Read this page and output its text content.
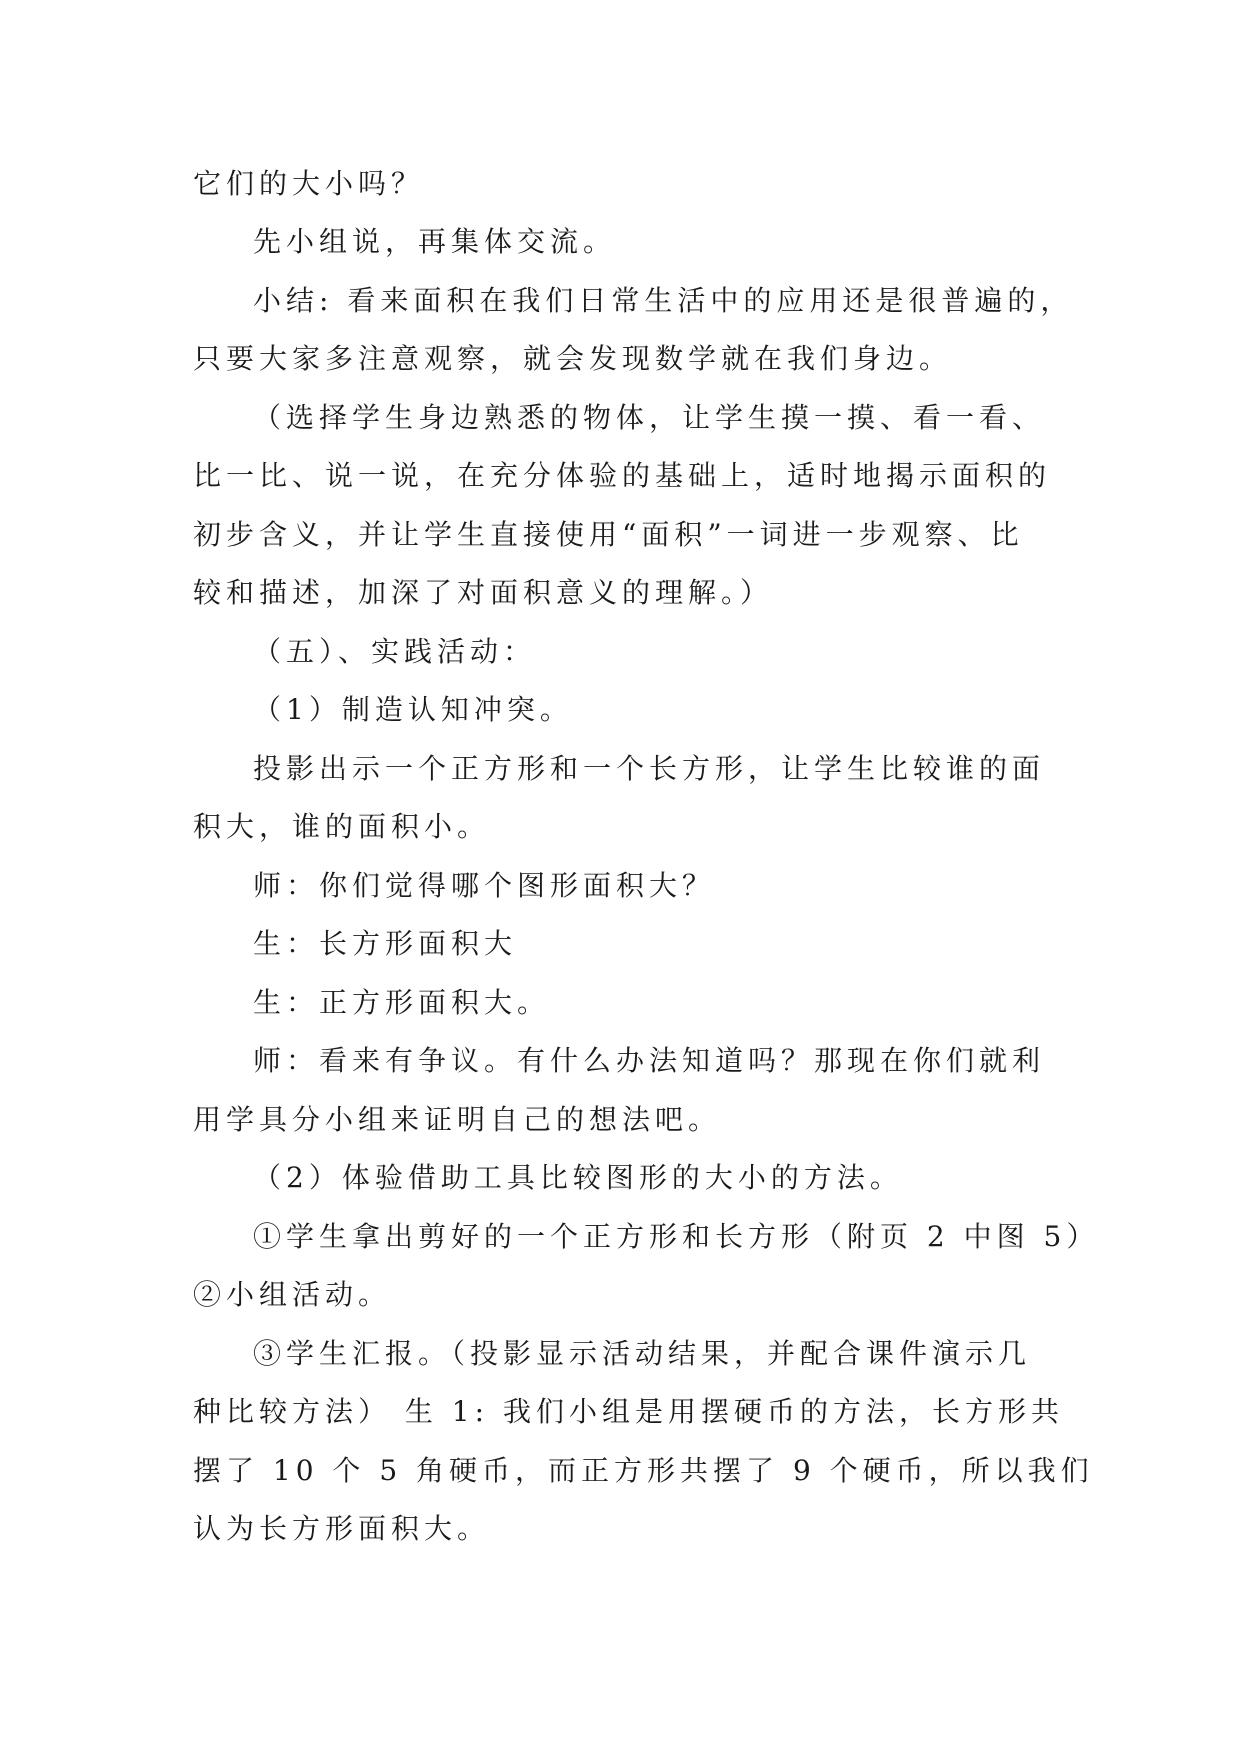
它们的大小吗？

先小组说，再集体交流。

小结: 看来面积在我们日常生活中的应用还是很普遍的，

只要大家多注意观察，就会发现数学就在我们身边。

（选择学生身边熟悉的物体，让学生摸一摸、看一看、

比一比、说一说，在充分体验的基础上，适时地揭示面积的

初步含义，并让学生直接使用“面积”一词进一步观察、比

较和描述，加深了对面积意义的理解。）

（五）、实践活动：

（1）制造认知冲突。

投影出示一个正方形和一个长方形，让学生比较谁的面

积大，谁的面积小。

师：你们觉得哪个图形面积大？

生：长方形面积大

生：正方形面积大。

师：看来有争议。有什么办法知道吗？那现在你们就利

用学具分小组来证明自己的想法吧。

（2）体验借助工具比较图形的大小的方法。

①学生拿出剪好的一个正方形和长方形（附页 2 中图 5）

②小组活动。

③学生汇报。（投影显示活动结果，并配合课件演示几

种比较方法） 生 1: 我们小组是用摆硬币的方法，长方形共

摆了 10 个 5 角硬币，而正方形共摆了 9 个硬币，所以我们

认为长方形面积大。
